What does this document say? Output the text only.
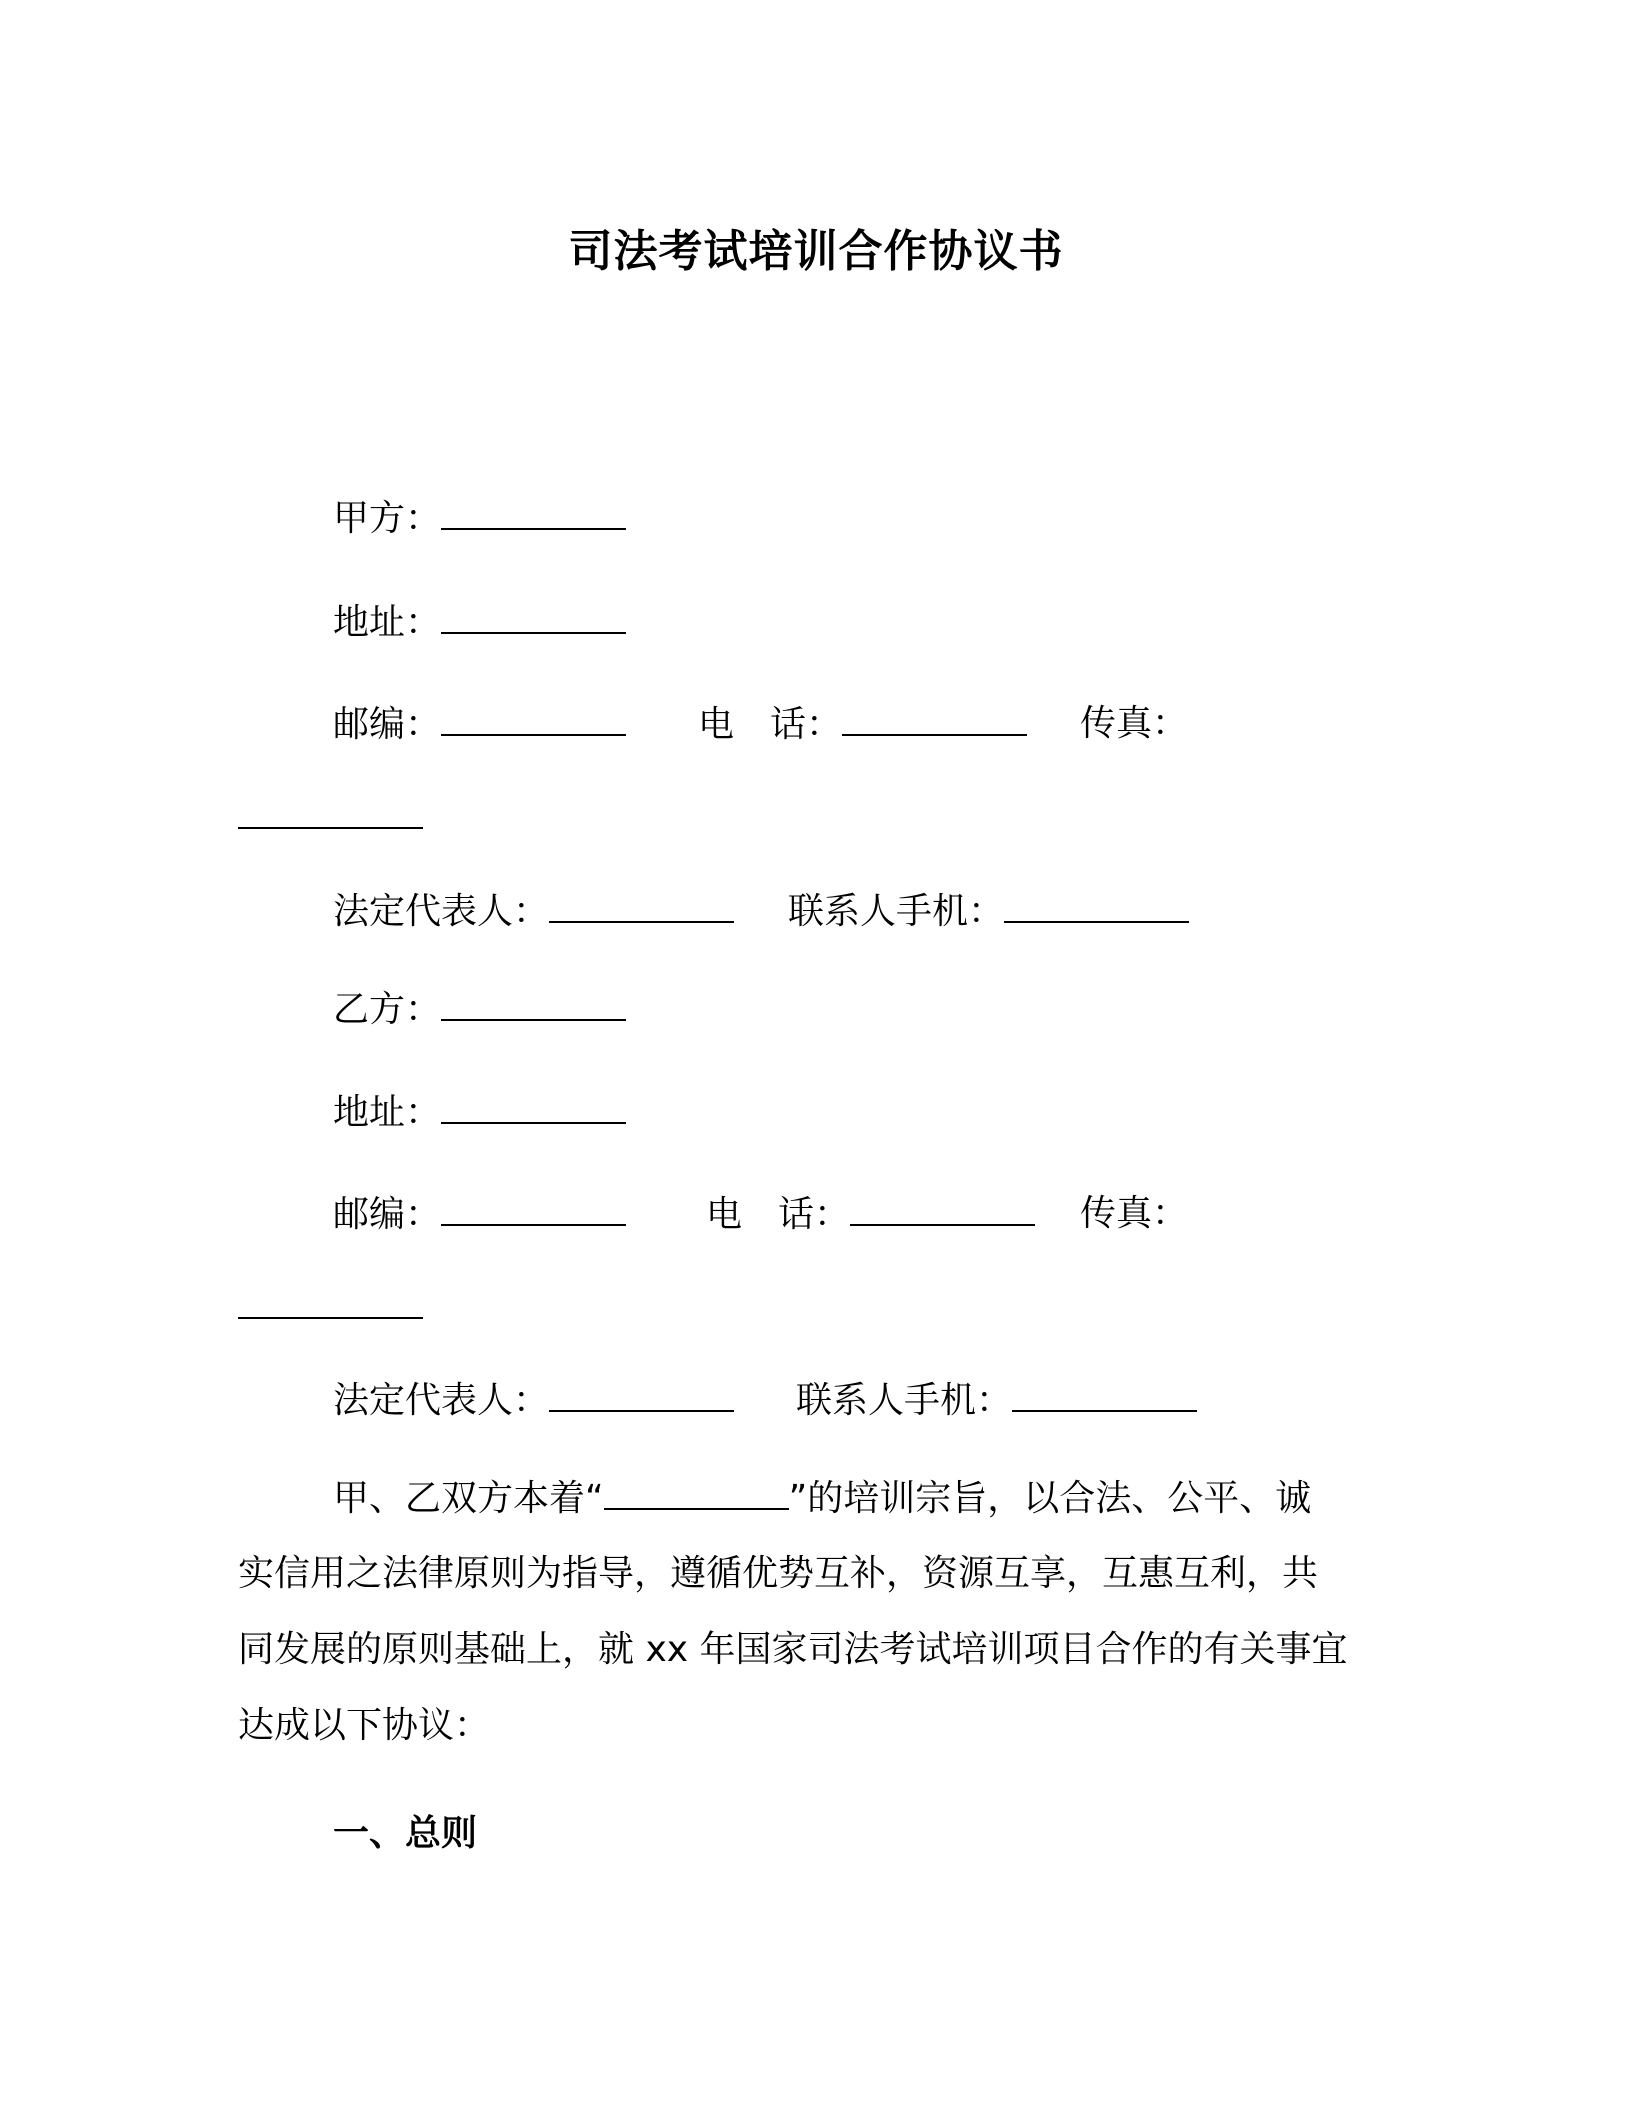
司法考试培训合作协议书
甲方：
地址：
邮编：	电　话：	传真：
法定代表人：	联系人手机：
乙方：
地址：
邮编：	电　话：	传真：
法定代表人：	联系人手机：
甲、乙双方本着“	”的培训宗旨，以合法、公平、诚
实信用之法律原则为指导，遵循优势互补，资源互享，互惠互利，共
同发展的原则基础上，就 xx 年国家司法考试培训项目合作的有关事宜
达成以下协议：
一、总则
